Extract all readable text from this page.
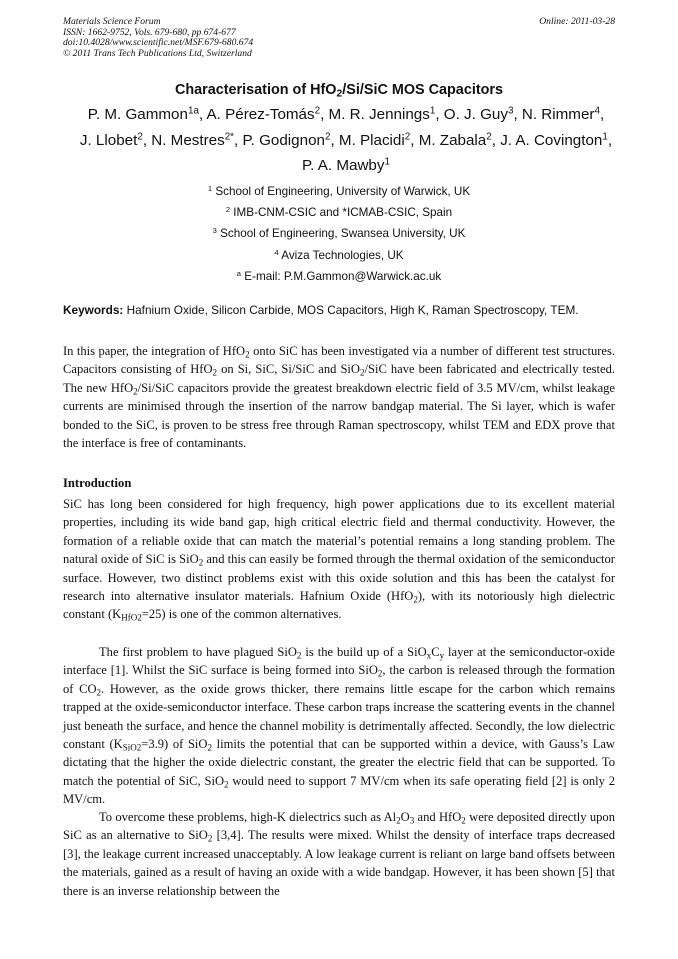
Materials Science Forum
ISSN: 1662-9752, Vols. 679-680, pp 674-677
doi:10.4028/www.scientific.net/MSF.679-680.674
© 2011 Trans Tech Publications Ltd, Switzerland
Online: 2011-03-28
Characterisation of HfO$_2$/Si/SiC MOS Capacitors
P. M. Gammon$^{1a}$, A. Pérez-Tomás$^2$, M. R. Jennings$^1$, O. J. Guy$^3$, N. Rimmer$^4$,
J. Llobet$^2$, N. Mestres$^{2*}$, P. Godignon$^2$, M. Placidi$^2$, M. Zabala$^2$, J. A. Covington$^1$,
P. A. Mawby$^1$
$^1$ School of Engineering, University of Warwick, UK
$^2$ IMB-CNM-CSIC and *ICMAB-CSIC, Spain
$^3$ School of Engineering, Swansea University, UK
$^4$ Aviza Technologies, UK
$^a$ E-mail: P.M.Gammon@Warwick.ac.uk
Keywords: Hafnium Oxide, Silicon Carbide, MOS Capacitors, High K, Raman Spectroscopy, TEM.

In this paper, the integration of HfO$_2$ onto SiC has been investigated via a number of different test structures. Capacitors consisting of HfO$_2$ on Si, SiC, Si/SiC and SiO$_2$/SiC have been fabricated and electrically tested. The new HfO$_2$/Si/SiC capacitors provide the greatest breakdown electric field of 3.5 MV/cm, whilst leakage currents are minimised through the insertion of the narrow bandgap material. The Si layer, which is wafer bonded to the SiC, is proven to be stress free through Raman spectroscopy, whilst TEM and EDX prove that the interface is free of contaminants.

Introduction

SiC has long been considered for high frequency, high power applications due to its excellent material properties, including its wide band gap, high critical electric field and thermal conductivity. However, the formation of a reliable oxide that can match the material’s potential remains a long standing problem. The natural oxide of SiC is SiO$_2$ and this can easily be formed through the thermal oxidation of the semiconductor surface. However, two distinct problems exist with this oxide solution and this has been the catalyst for research into alternative insulator materials. Hafnium Oxide (HfO$_2$), with its notoriously high dielectric constant $(K_{HfO2}=25)$ is one of the common alternatives.

The first problem to have plagued SiO$_2$ is the build up of a $SiO_xC_y$ layer at the semiconductor-oxide interface [1]. Whilst the SiC surface is being formed into SiO$_2$, the carbon is released through the formation of $CO_2$. However, as the oxide grows thicker, there remains little escape for the carbon which remains trapped at the oxide-semiconductor interface. These carbon traps increase the scattering events in the channel just beneath the surface, and hence the channel mobility is detrimentally affected. Secondly, the low dielectric constant $(K_{SiO2}=3.9)$ of SiO$_2$ limits the potential that can be supported within a device, with Gauss’s Law dictating that the higher the oxide dielectric constant, the greater the electric field that can be supported. To match the potential of SiC, SiO$_2$ would need to support 7 MV/cm when its safe operating field [2] is only 2 MV/cm.

To overcome these problems, high-K dielectrics such as $Al_2O_3$ and HfO$_2$ were deposited directly upon SiC as an alternative to SiO$_2$ [3,4]. The results were mixed. Whilst the density of interface traps decreased [3], the leakage current increased unacceptably. A low leakage current is reliant on large band offsets between the materials, gained as a result of having an oxide with a wide bandgap. However, it has been shown [5] that there is an inverse relationship between the
